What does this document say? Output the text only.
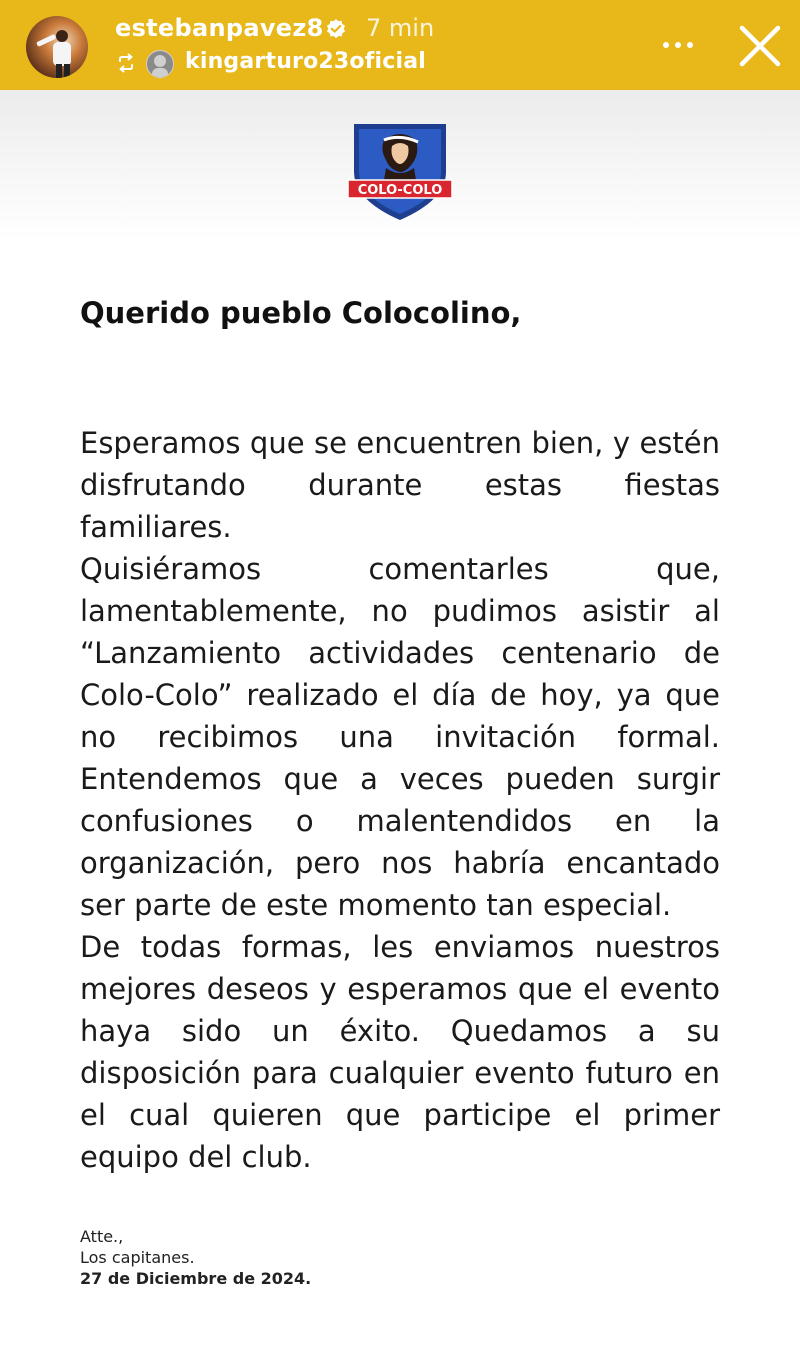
estebanpavez8 7 min
kingarturo23oficial
COLO-COLO
Querido pueblo Colocolino,

Esperamos que se encuentren bien, y estén disfrutando durante estas fiestas familiares.

Quisiéramos comentarles que, lamentablemente, no pudimos asistir al “Lanzamiento actividades centenario de Colo-Colo” realizado el día de hoy, ya que no recibimos una invitación formal. Entendemos que a veces pueden surgir confusiones o malentendidos en la organización, pero nos habría encantado ser parte de este momento tan especial.

De todas formas, les enviamos nuestros mejores deseos y esperamos que el evento haya sido un éxito. Quedamos a su disposición para cualquier evento futuro en el cual quieren que participe el primer equipo del club.

Atte.,
Los capitanes.
27 de Diciembre de 2024.
